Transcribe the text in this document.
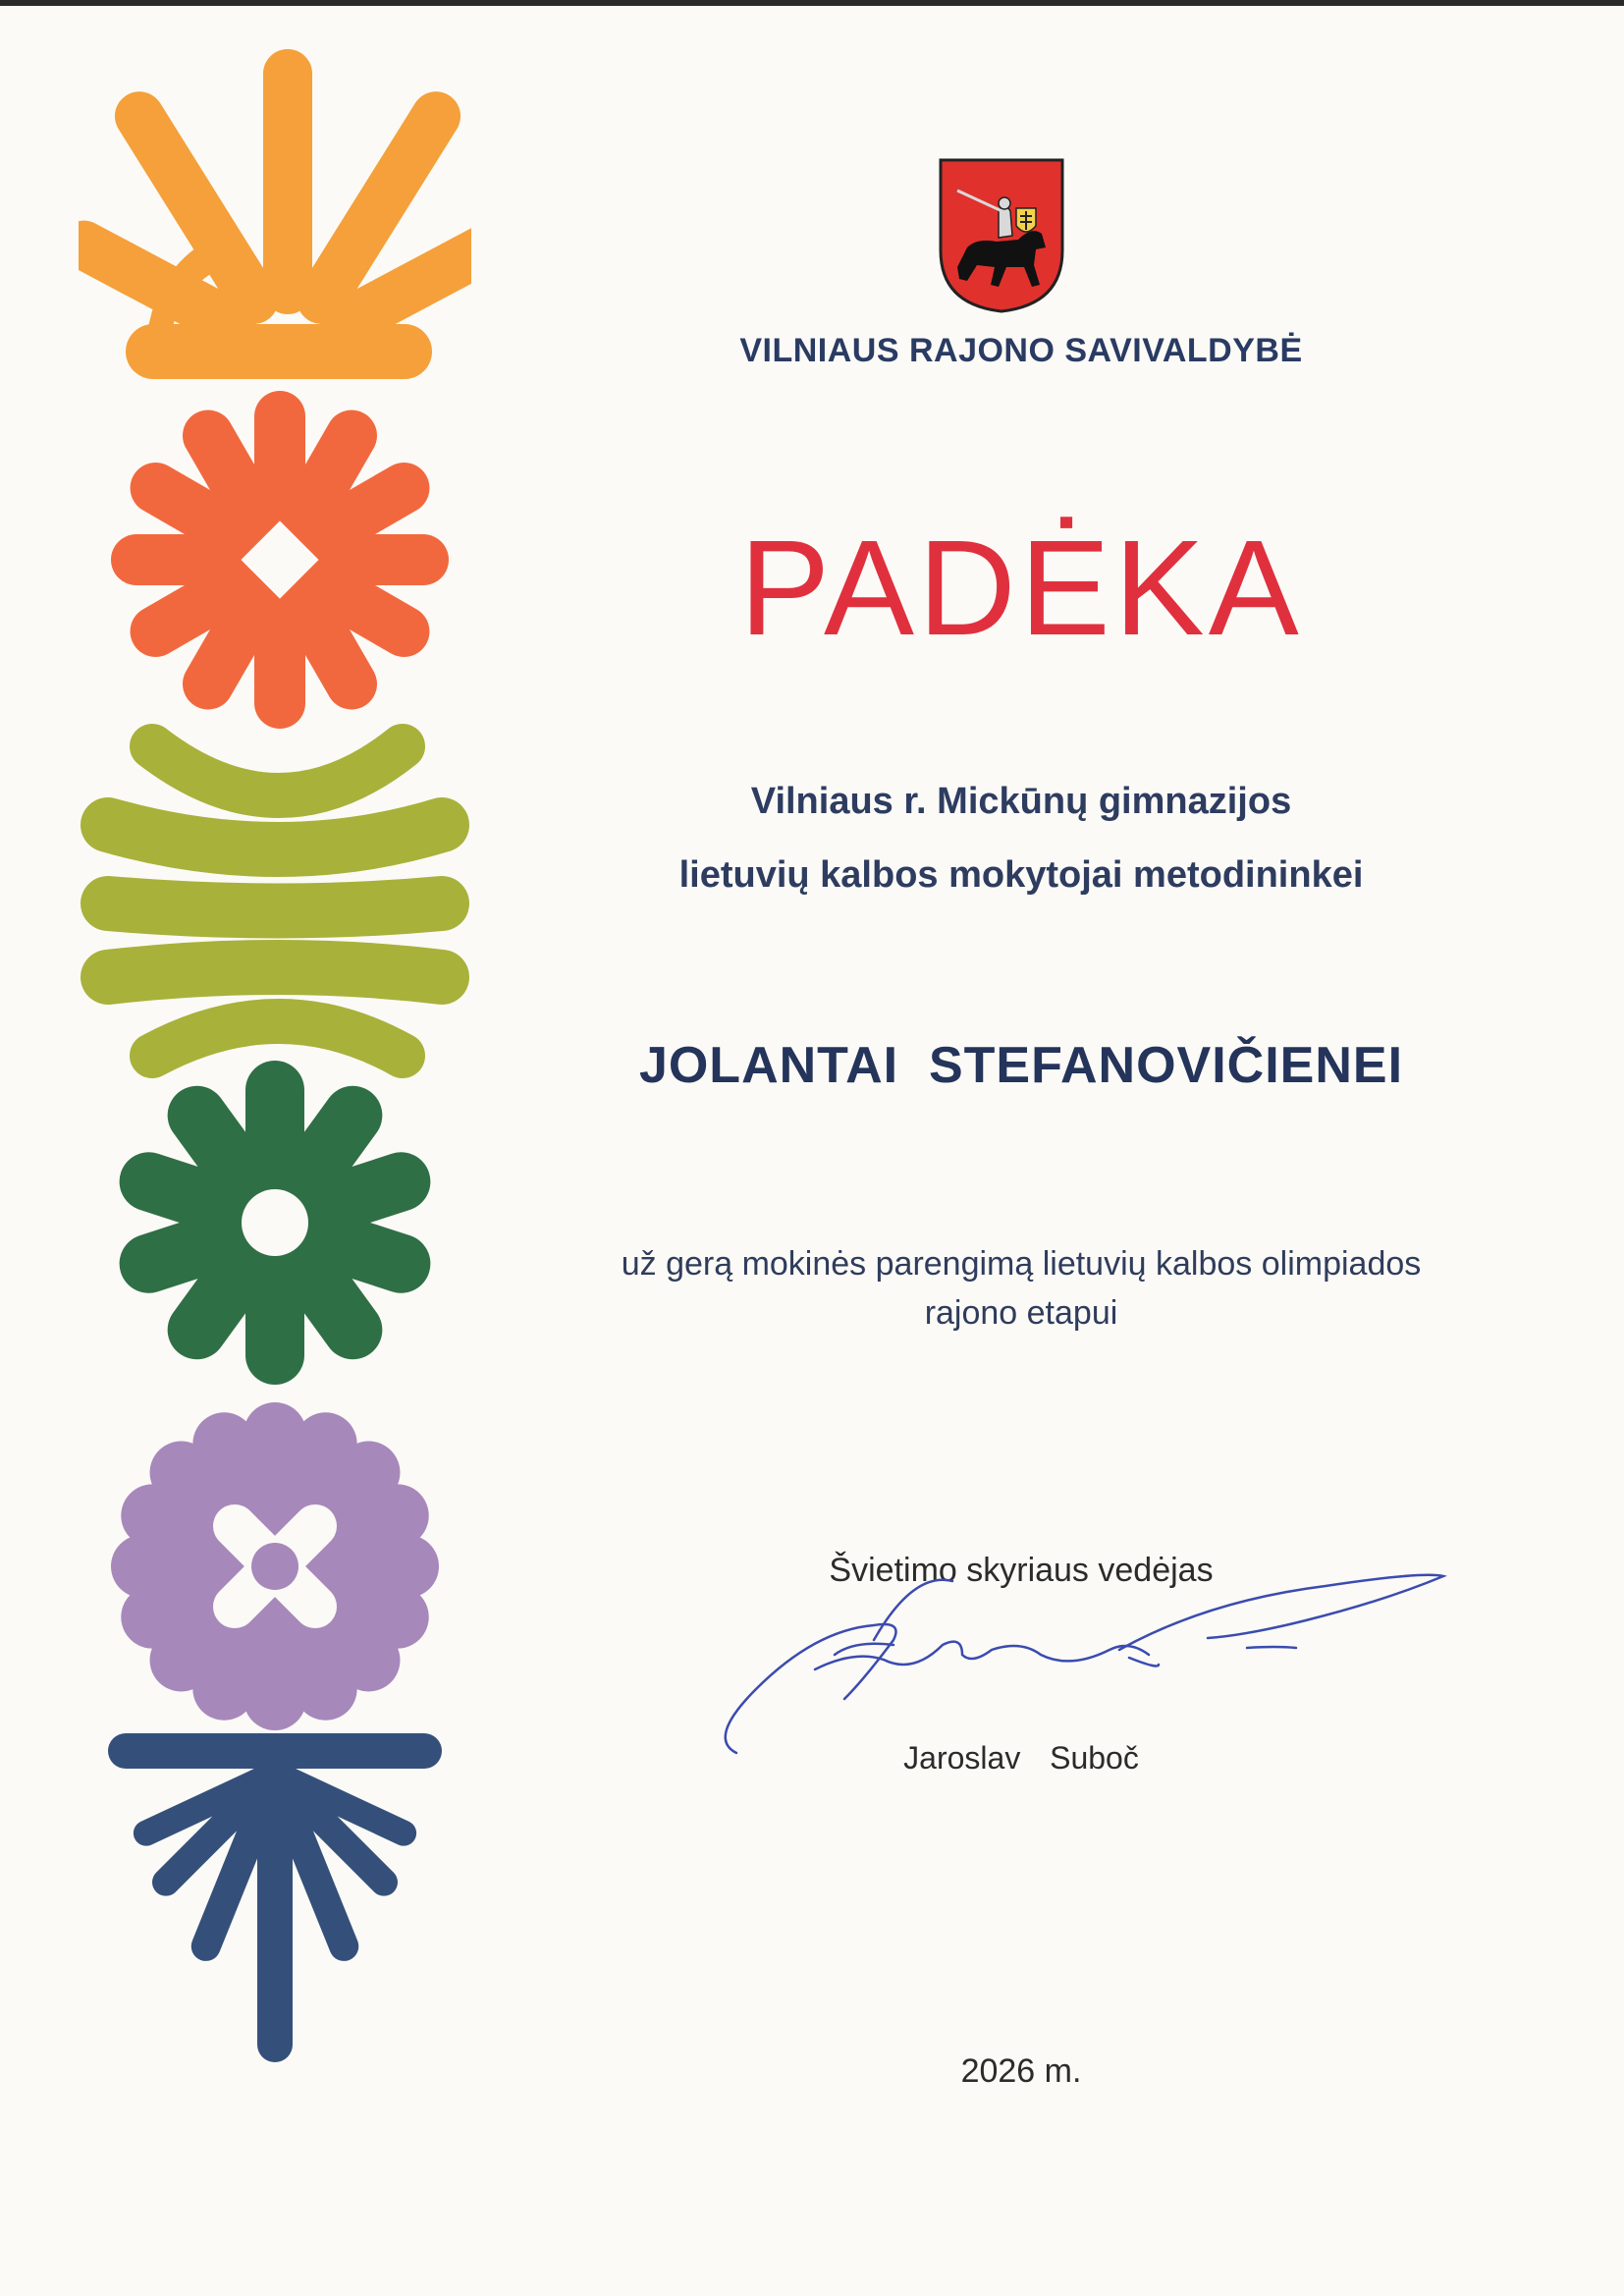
VILNIAUS RAJONO SAVIVALDYBĖ
PADĖKA
Vilniaus r. Mickūnų gimnazijos
lietuvių kalbos mokytojai metodininkei
JOLANTAI  STEFANOVIČIENEI
už gerą mokinės parengimą lietuvių kalbos olimpiados
rajono etapui
Švietimo skyriaus vedėjas
Jaroslav  Suboč
2026 m.
